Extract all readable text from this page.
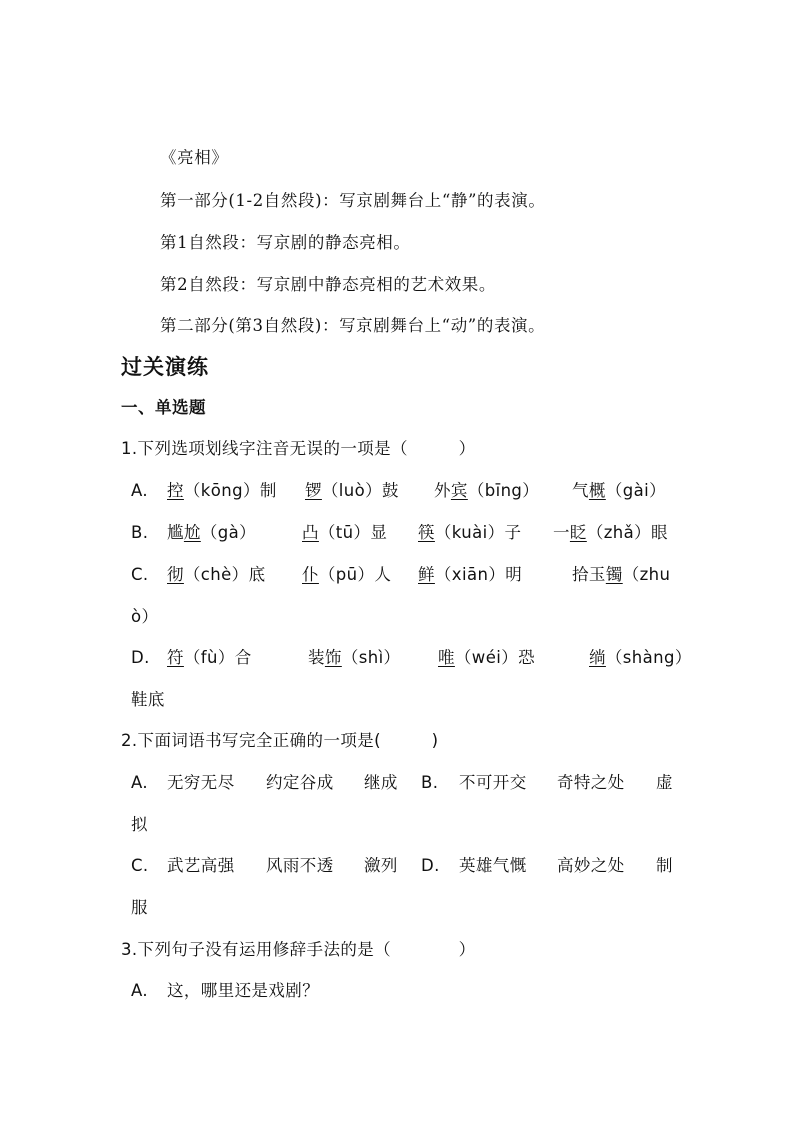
《亮相》
第一部分(1-2自然段)：写京剧舞台上“静”的表演。
第1自然段：写京剧的静态亮相。
第2自然段：写京剧中静态亮相的艺术效果。
第二部分(第3自然段)：写京剧舞台上“动”的表演。
过关演练
一、单选题
1.下列选项划线字注音无误的一项是（　　　）
A. 控（kōng）制 锣（luò）鼓 外宾（bīng） 气概（gài）
B. 尴尬（gà）	凸（tū）显 筷（kuài）子 一眨（zhǎ）眼
C. 彻（chè）底 仆（pū）人 鲜（xiān）明	拾玉镯（zhu
ò）
D. 符（fù）合	装饰（shì） 唯（wéi）恐	绱（shàng）
鞋底
2.下面词语书写完全正确的一项是(　　　)
A. 无穷无尽 约定谷成 继成 B. 不可开交 奇特之处 虚
拟
C. 武艺高强 风雨不透 瀲列 D. 英雄气慨 高妙之处 制
服
3.下列句子没有运用修辞手法的是（　　　　）
A. 这，哪里还是戏剧？
